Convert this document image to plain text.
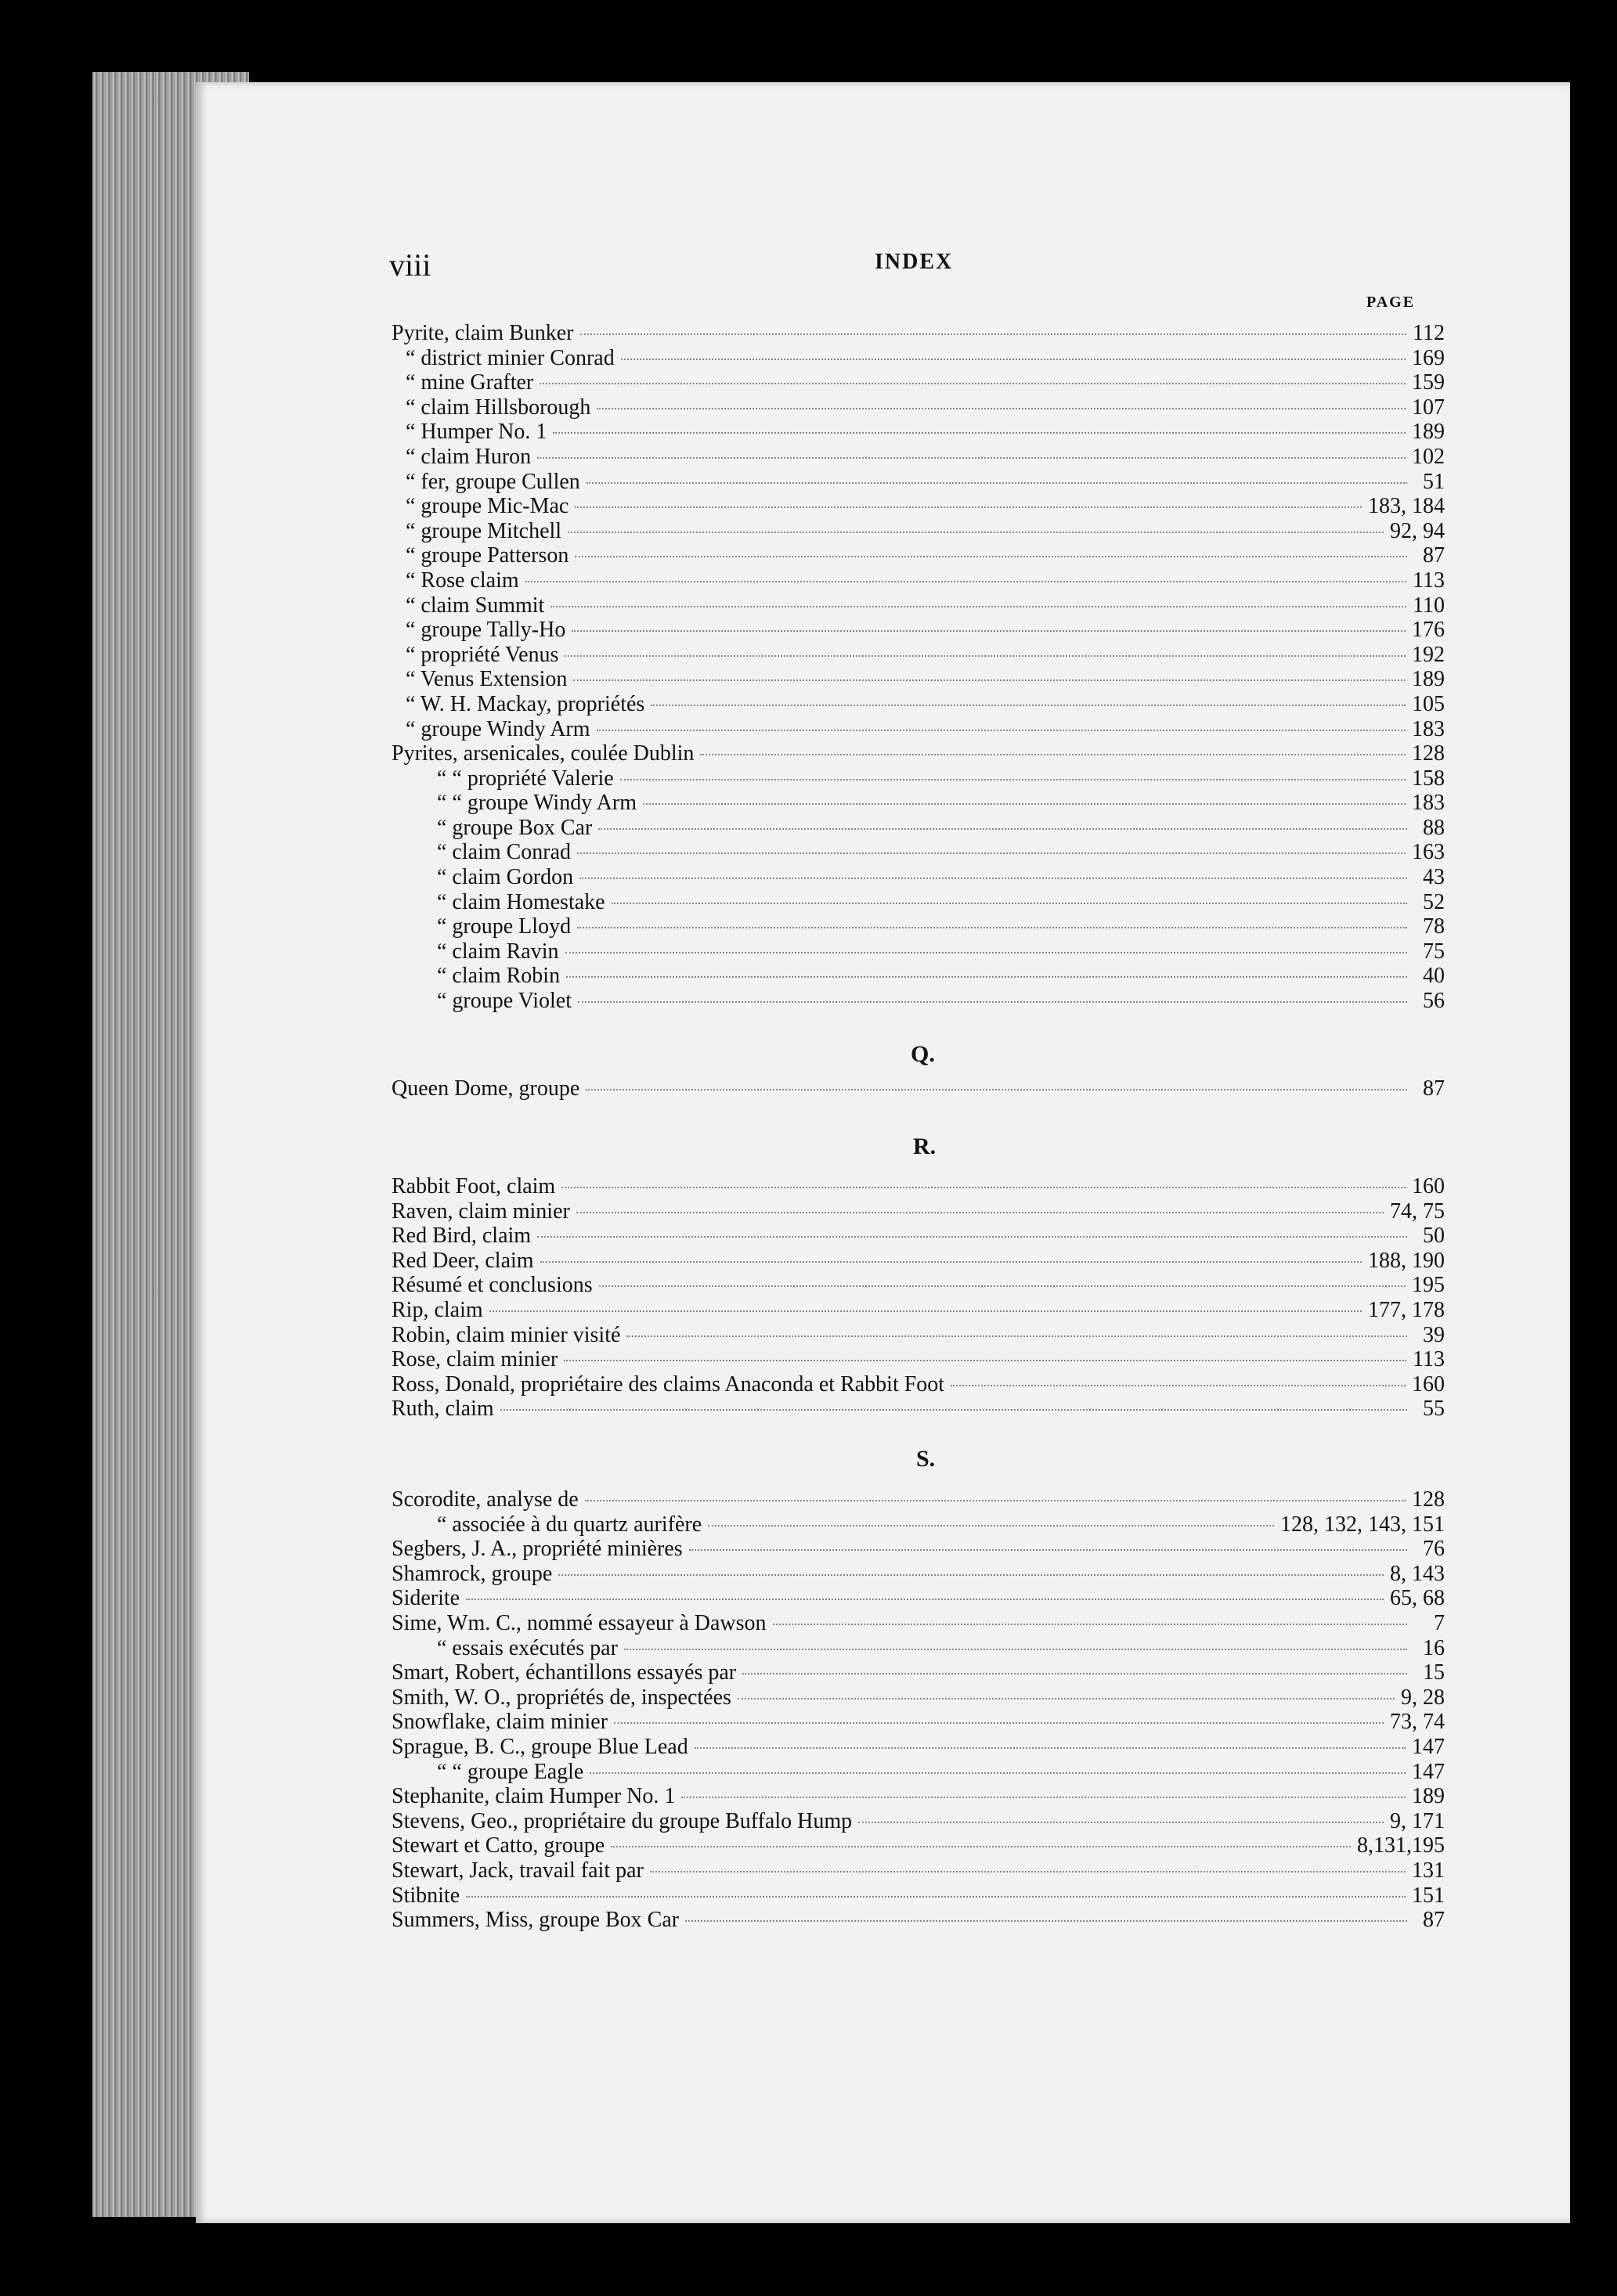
viii	INDEX
PAGE
Pyrite, claim Bunker	112
“ district minier Conrad	169
“ mine Grafter	159
“ claim Hillsborough	107
“ Humper No. 1	189
“ claim Huron	102
“ fer, groupe Cullen	51
“ groupe Mic-Mac	183, 184
“ groupe Mitchell	92, 94
“ groupe Patterson	87
“ Rose claim	113
“ claim Summit	110
“ groupe Tally-Ho	176
“ propriété Venus	192
“ Venus Extension	189
“ W. H. Mackay, propriétés	105
“ groupe Windy Arm	183
Pyrites, arsenicales, coulée Dublin	128
“ “ propriété Valerie	158
“ “ groupe Windy Arm	183
“ groupe Box Car	88
“ claim Conrad	163
“ claim Gordon	43
“ claim Homestake	52
“ groupe Lloyd	78
“ claim Ravin	75
“ claim Robin	40
“ groupe Violet	56
Q.
Queen Dome, groupe	87
R.
Rabbit Foot, claim	160
Raven, claim minier	74, 75
Red Bird, claim	50
Red Deer, claim	188, 190
Résumé et conclusions	195
Rip, claim	177, 178
Robin, claim minier visité	39
Rose, claim minier	113
Ross, Donald, propriétaire des claims Anaconda et Rabbit Foot	160
Ruth, claim	55
S.
Scorodite, analyse de	128
“ associée à du quartz aurifère	128, 132, 143, 151
Segbers, J. A., propriété minières	76
Shamrock, groupe	8, 143
Siderite	65, 68
Sime, Wm. C., nommé essayeur à Dawson	7
“ essais exécutés par	16
Smart, Robert, échantillons essayés par	15
Smith, W. O., propriétés de, inspectées	9, 28
Snowflake, claim minier	73, 74
Sprague, B. C., groupe Blue Lead	147
“ “ groupe Eagle	147
Stephanite, claim Humper No. 1	189
Stevens, Geo., propriétaire du groupe Buffalo Hump	9, 171
Stewart et Catto, groupe	8,131,195
Stewart, Jack, travail fait par	131
Stibnite	151
Summers, Miss, groupe Box Car	87
